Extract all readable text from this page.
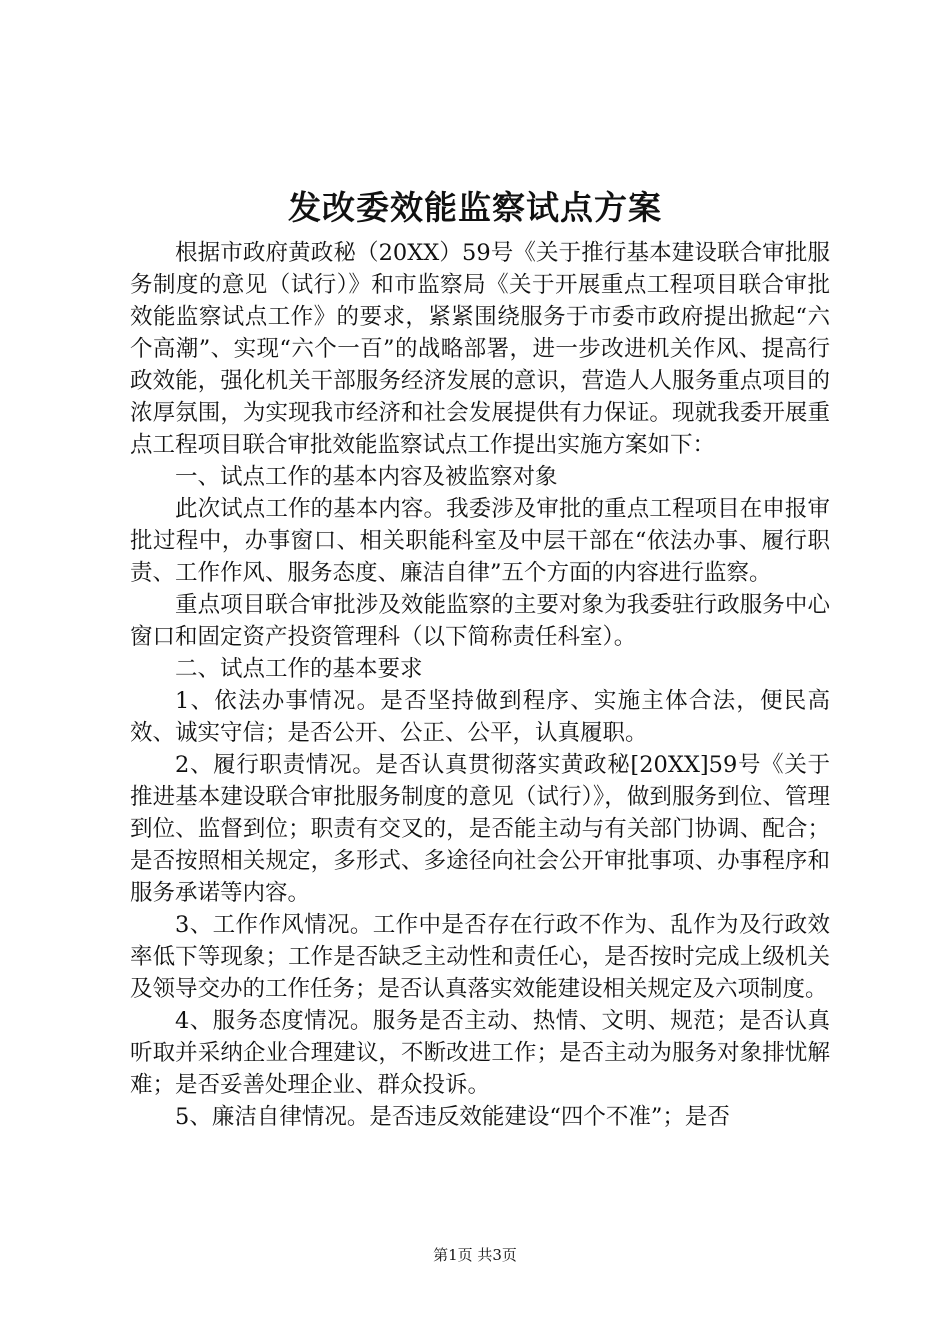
发改委效能监察试点方案

根据市政府黄政秘（20XX）59号《关于推行基本建设联合审批服务制度的意见（试行）》和市监察局《关于开展重点工程项目联合审批效能监察试点工作》的要求，紧紧围绕服务于市委市政府提出掀起“六个高潮”、实现“六个一百”的战略部署，进一步改进机关作风、提高行政效能，强化机关干部服务经济发展的意识，营造人人服务重点项目的浓厚氛围，为实现我市经济和社会发展提供有力保证。现就我委开展重点工程项目联合审批效能监察试点工作提出实施方案如下：

一、试点工作的基本内容及被监察对象

此次试点工作的基本内容。我委涉及审批的重点工程项目在申报审批过程中，办事窗口、相关职能科室及中层干部在“依法办事、履行职责、工作作风、服务态度、廉洁自律”五个方面的内容进行监察。

重点项目联合审批涉及效能监察的主要对象为我委驻行政服务中心窗口和固定资产投资管理科（以下简称责任科室）。

二、试点工作的基本要求

1、依法办事情况。是否坚持做到程序、实施主体合法，便民高效、诚实守信；是否公开、公正、公平，认真履职。

2、履行职责情况。是否认真贯彻落实黄政秘[20XX]59号《关于推进基本建设联合审批服务制度的意见（试行）》，做到服务到位、管理到位、监督到位；职责有交叉的，是否能主动与有关部门协调、配合；是否按照相关规定，多形式、多途径向社会公开审批事项、办事程序和服务承诺等内容。

3、工作作风情况。工作中是否存在行政不作为、乱作为及行政效率低下等现象；工作是否缺乏主动性和责任心，是否按时完成上级机关及领导交办的工作任务；是否认真落实效能建设相关规定及六项制度。

4、服务态度情况。服务是否主动、热情、文明、规范；是否认真听取并采纳企业合理建议，不断改进工作；是否主动为服务对象排忧解难；是否妥善处理企业、群众投诉。

5、廉洁自律情况。是否违反效能建设“四个不准”；是否

第1页 共3页
